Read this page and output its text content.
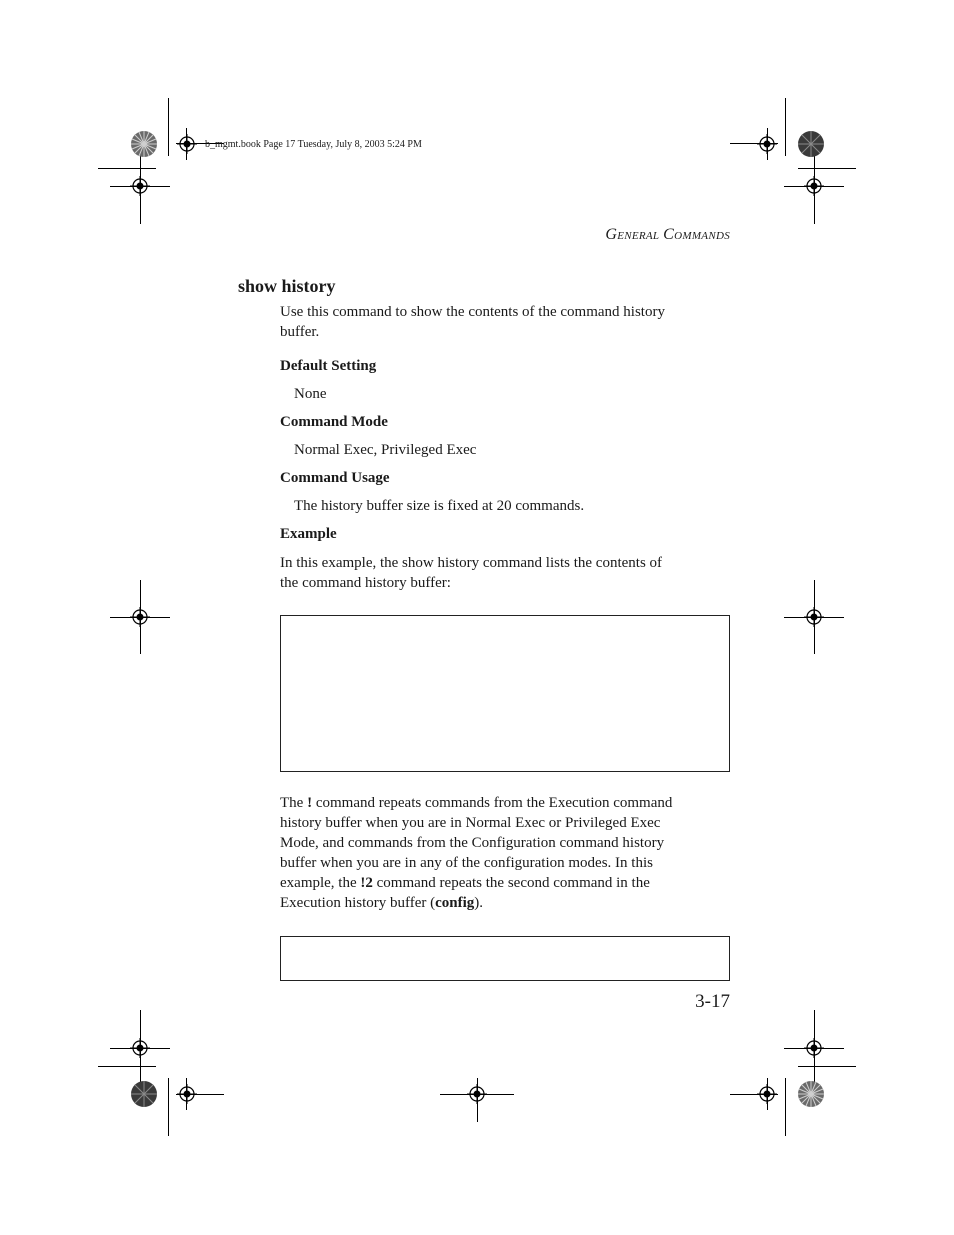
b_mgmt.book Page 17 Tuesday, July 8, 2003 5:24 PM
GENERAL COMMANDS
show history
Use this command to show the contents of the command history
buffer.
Default Setting
None
Command Mode
Normal Exec, Privileged Exec
Command Usage
The history buffer size is fixed at 20 commands.
Example
In this example, the show history command lists the contents of
the command history buffer:
The ! command repeats commands from the Execution command
history buffer when you are in Normal Exec or Privileged Exec
Mode, and commands from the Configuration command history
buffer when you are in any of the configuration modes. In this
example, the !2 command repeats the second command in the
Execution history buffer (config).
3-17
